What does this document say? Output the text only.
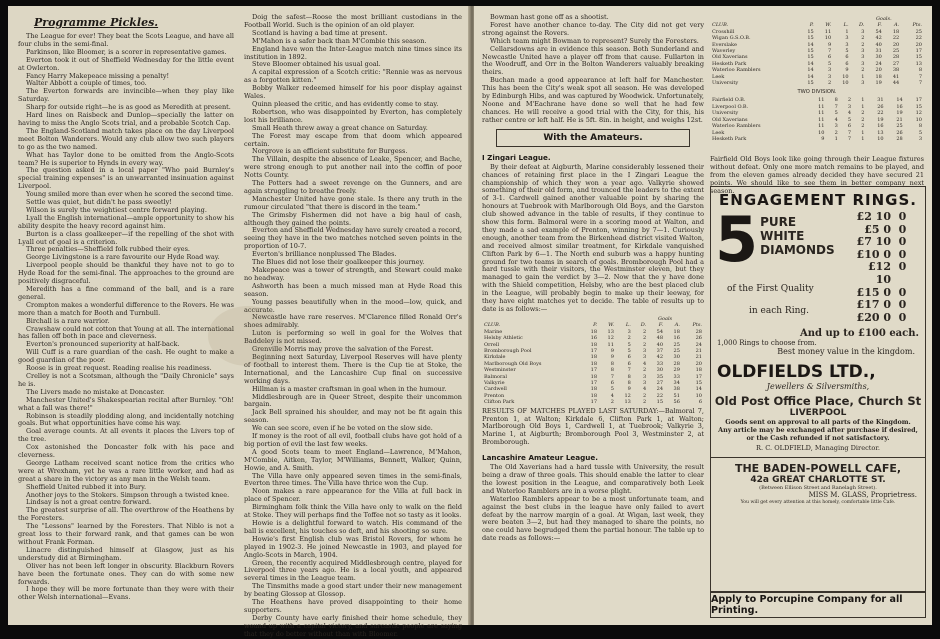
Programme Pickles.

The League for ever! They beat the Scots League, and have all four clubs in the semi-final.

Parkinson, like Bloomer, is a scorer in representative games.

Everton took it out of Sheffield Wednesday for the little event at Owlerton.

Fancy Harry Makepeace missing a penalty!

Walter Abbott a couple of times, too.

The Everton forwards are invincible—when they play like Saturday.

Sharp for outside right—he is as good as Meredith at present.

Hard lines on Raisbeck and Dunlop—specially the latter on having to miss the Anglo Scots trial, and a probable Scotch Cap.

The England-Scotland match takes place on the day Liverpool meet Bolton Wanderers. Would any club allow two such players to go as the two named.

What has Taylor done to be omitted from the Anglo-Scots team? He is superior to Hynds in every way.

The question asked in a local paper "Who paid Burnley's special training expenses" is an unwarranted insinuation against Liverpool.

Young smiled more than ever when he scored the second time.

Settle was quiet, but didn't he pass sweetly!

Wilson is surely the weightiest centre forward playing.

Lyall the English international—ample opportunity to show his ability despite the heavy record against him.

Burton is a class goalkeeper—if the repelling of the shot with Lyall out of goal is a criterion.

Three penalties—Sheffield folk rubbed their eyes.

George Livingstone is a rare favourite our Hyde Road way.

Liverpool people should be thankful they have not to go to Hyde Road for the semi-final. The approaches to the ground are positively disgraceful.

Meredith has a fine command of the ball, and is a rare general.

Crompton makes a wonderful difference to the Rovers. He was more than a match for Booth and Turnbull.

Birchall is a rare warrior.

Crawshaw could not cotton that Young at all. The international has fallen off both in pace and cleverness.

Everton's pronounced superiority at half-back.

Will Cuff is a rare guardian of the cash. He ought to make a good guardian of the poor.

Roose is in great request. Reading realise his readiness.

Crelley is not a Scotsman, although the "Daily Chronicle" says he is.

The Livers made no mistake at Doncaster.

Manchester United's Shakespearian recital after Burnley. "Oh! what a fall was there!"

Robinson is steadily plodding along, and incidentally notching goals. But what opportunities have come his way.

Goal average counts. At all events it places the Livers top of the tree.

Cox astonished the Doncaster folk with his pace and cleverness.

George Latham received scant notice from the critics who were at Wrexham, yet he was a rare little worker, and had as great a share in the victory as any man in the Welsh team.

Sheffield United rubbed it into Bury.

Another joys to the Stokers. Simpson through a twisted knee.

Lindsay is not a great centre forward.

The greatest surprise of all. The overthrow of the Heathens by the Foresters.

The "Lessons" learned by the Foresters. That Niblo is not a great loss to their forward rank, and that games can be won without Frank Forman.

Linacre distinguished himself at Glasgow, just as his understudy did at Birmingham.

Oliver has not been left longer in obscurity. Blackburn Rovers have been the fortunate ones. They can do with some new forwards.

I hope they will be more fortunate than they were with their other Welsh international—Evans.

Doig the safest—Roose the most brilliant custodians in the Football World. Such is the opinion of an old player.

Scotland is having a bad time at present.

M'Mahon is a safer back than M'Combie this season.

England have won the Inter-League match nine times since its institution in 1892.

Steve Bloomer obtained his usual goal.

A capital expression of a Scotch critic: "Rennie was as nervous as a forgotten kitten."

Bobby Walker redeemed himself for his poor display against Wales.

Quinn pleased the critic, and has evidently come to stay.

Robertson, who was disappointed by Everton, has completely lost his brilliance.

Small Heath threw away a great chance on Saturday.

The Forest may escape from that doom which appeared certain.

Norgrove is an efficient substitute for Burgess.

The Villain, despite the absence of Leake, Spencer, and Bache, were strong enough to put another nail into the coffin of poor Notts County.

The Potters had a sweet revenge on the Gunners, and are again struggling to breathe freely.

Manchester United have gone stale. Is there any truth in the rumour circulated "that there is discord in the team."

The Grimsby Fishermen did not have a big haul of cash, although they gained the points.

Everton and Sheffield Wednesday have surely created a record, seeing they have in the two matches notched seven points in the proportion of 10-7.

Everton's brilliance nonplussed The Blades.

The Blues did not lose their goalkeeper this journey.

Makepeace was a tower of strength, and Stewart could make no headway.

Ashworth has been a much missed man at Hyde Road this season.

Young passes beautifully when in the mood—low, quick, and accurate.

Newcastle have rare reserves. M'Clarence filled Ronald Orr's shoes admirably.

Luton is performing so well in goal for the Wolves that Baddeley is not missed.

Grenville Morris may prove the salvation of the Forest.

Beginning next Saturday, Liverpool Reserves will have plenty of football to interest them. There is the Cup tie at Stoke, the International, and the Lancashire Cup final on successive working days.

Hillman is a master craftsman in goal when in the humour.

Middlesbrough are in Queer Street, despite their uncommon bargain.

Jack Bell sprained his shoulder, and may not be fit again this season.

We can see score, even if he be voted on the slow side.

If money is the root of all evil, football clubs have got hold of a big portion of evil the last few weeks.

A good Scots team to meet England—Lawrence, M'Mahon, M'Combie, Aitken, Taylor, M'Williams, Bennett, Walker, Quinn, Howie, and A. Smith.

The Villa have only appeared seven times in the semi-finals, Everton three times. The Villa have thrice won the Cup.

Noon makes a rare appearance for the Villa at full back in place of Spencer.

Birmingham folk think the Villa have only to walk on the field at Stoke. They will perhaps find the Toffee not so tasty as it looks.

Howie is a delightful forward to watch. His command of the ball is excellent, his touches so deft, and his shooting so sure.

Howie's first English club was Bristol Rovers, for whom he played in 1902-3. He joined Newcastle in 1903, and played for Anglo-Scots in March, 1904.

Green, the recently acquired Middlesbrough centre, played for Liverpool three years ago. He is a local youth, and appeared several times in the League team.

The Tinsmiths made a good start under their new management by beating Glossop at Glossop.

The Heathens have proved disappointing to their home supporters.

Derby County have early finished their home schedule, they wound up with a capital victory, and sarcastic people are saying that they do better without than with Bloomer.

Bowman hast gone off as a shootist.

Forest have another chance to-day. The City did not get very strong against the Rovers.

Which team might Bowman to represent? Surely the Foresters.

Cellarsdowns are in evidence this season. Both Sunderland and Newcastle United have a player off from that cause. Fullarton in the Woodruff, and Orr in the Bolton Wanderers valuably breaking theirs.

Buchan made a good appearance at left half for Manchester. This has been the City's weak spot all season. He was developed by Edinburgh Hibs, and was captured by Woodwick. Unfortunately, Noone and M'Eachrane have done so well that he had few chances. He will receive a good trial with the City, for this, his rather centre or left half. He is 5ft. 8in. in height, and weighs 12st.

With the Amateurs.
I Zingari League.

By their defeat at Aigburth, Marine considerably lessened their chances of retaining first place in the I Zingari League the championship of which they won a year ago. Valkyrie showed something of their old form, and trounced the leaders to the extent of 3-1. Cardwell gained another valuable point by sharing the honours at Tuebrook with Marlborough Old Boys, and the Garston club showed advance in the table of results, if they continue to show this form. Balmoral were in a scoring mood at Walton, and they made a sad example of Prenton, winning by 7—1. Curiously enough, another team from the Birkenhead district visited Walton, and received almost similar treatment, for Kirkdale vanquished Clifton Park by 6—1. The North end suburb was a happy hunting ground for two teams in search of goals. Bromborough Pool had a hard tussle with their visitors, the Westminster eleven, but they managed to gain the verdict by 3—2. Now that the y have done with the Shield competition, Helsby, who are the best placed club in the League, will probably begin to make up their leeway, for they have eight matches yet to decide. The table of results up to date is as follows:—

					Goals		
CLUB.	P.	W.	L.	D.	F.	A.	Pts.
Marine	18	13	3	2	54	18	28
Helsby Athletic	16	12	2	2	48	16	26
Orrell	18	11	5	2	40	25	24
Bromborough Pool	17	9	5	3	37	25	21
Kirkdale	18	9	6	3	42	30	21
Marlborough Old Boys	18	8	6	4	33	28	20
Westminster	17	8	7	2	30	29	18
Balmoral	18	7	8	3	35	33	17
Valkyrie	17	6	8	3	27	34	15
Cardwell	18	5	9	4	24	38	14
Prenton	18	4	12	2	22	51	10
Clifton Park	17	2	13	2	15	56	6

RESULTS OF MATCHES PLAYED LAST SATURDAY:—Balmoral 7, Prenton 1, at Walton; Kirkdale 6, Clifton Park 1, at Walton; Marlborough Old Boys 1, Cardwell 1, at Tuebrook; Valkyrie 3, Marine 1, at Aigburth; Bromborough Pool 3, Westminster 2, at Bromborough.

Lancashire Amateur League.

The Old Xaverians had a hard tussle with University, the result being a draw of three goals. This should enable the latter to clear the lowest position in the League, and comparatively both Leek and Waterloo Ramblers are in a worse plight.

Waterloo Ramblers appear to be a most unfortunate team, and against the best clubs in the league have only failed to avert defeat by the narrow margin of a goal. At Wigan, last week, they were beaten 3—2, but had they managed to share the points, no one could have begrudged them the partial honour. The table up to date reads as follows:—

					Goals.		
CLUB.	P.	W.	L.	D.	F.	A.	Pts.
Crosshill	15	11	1	3	54	18	25
Wigan G.S.O.B.	15	10	3	2	42	22	22
Everslake	14	9	3	2	40	20	20
Waverley	15	7	5	3	31	25	17
Old Xaverians	15	6	6	3	30	28	15
Hesketh Park	14	5	6	3	24	27	13
Waterloo Ramblers	14	3	9	2	20	38	8
Leek	14	3	10	1	18	41	7
University	15	2	10	3	19	44	7
TWO DIVISION.
Fairfield O.B.	11	8	2	1	31	14	17
Liverpool O.B.	11	7	3	1	26	16	15
University	11	5	4	2	22	19	12
Old Xaverians	11	4	5	2	19	21	10
Waterloo Ramblers	11	3	6	2	16	25	8
Leek	10	2	7	1	13	26	5
Hesketh Park	9	1	7	1	10	28	3

Fairfield Old Boys look like going through their League fixtures without defeat. Only one more match remains to be played, and from the eleven games already decided they have secured 21 points. We should like to see them in better company next season.

ENGAGEMENT RINGS.
5 PURE
WHITE
DIAMONDS
£2 10 0
£5 0 0
£7 10 0
£10 0 0
£12 10
0
£15 0 0
£17 0 0
£20 0 0
of the First Quality
in each Ring.
And up to £100 each.
1,000 Rings to choose from.
Best money value in the kingdom.
OLDFIELDS LTD.,
Jewellers & Silversmiths,
Old Post Office Place, Church St
LIVERPOOL
Goods sent on approval to all parts of the Kingdom.
Any article may be exchanged after purchase if desired, or the Cash refunded if not satisfactory.
R. C. OLDFIELD, Managing Director.
THE BADEN-POWELL CAFE,
42a GREAT CHARLOTTE ST.
(Between Ellison Street and Ranelagh Street).
MISS M. GLASS, Proprietress.
You will get every attention at this homely, comfortable little Cafe.
Apply to Porcupine Company for all Printing.
